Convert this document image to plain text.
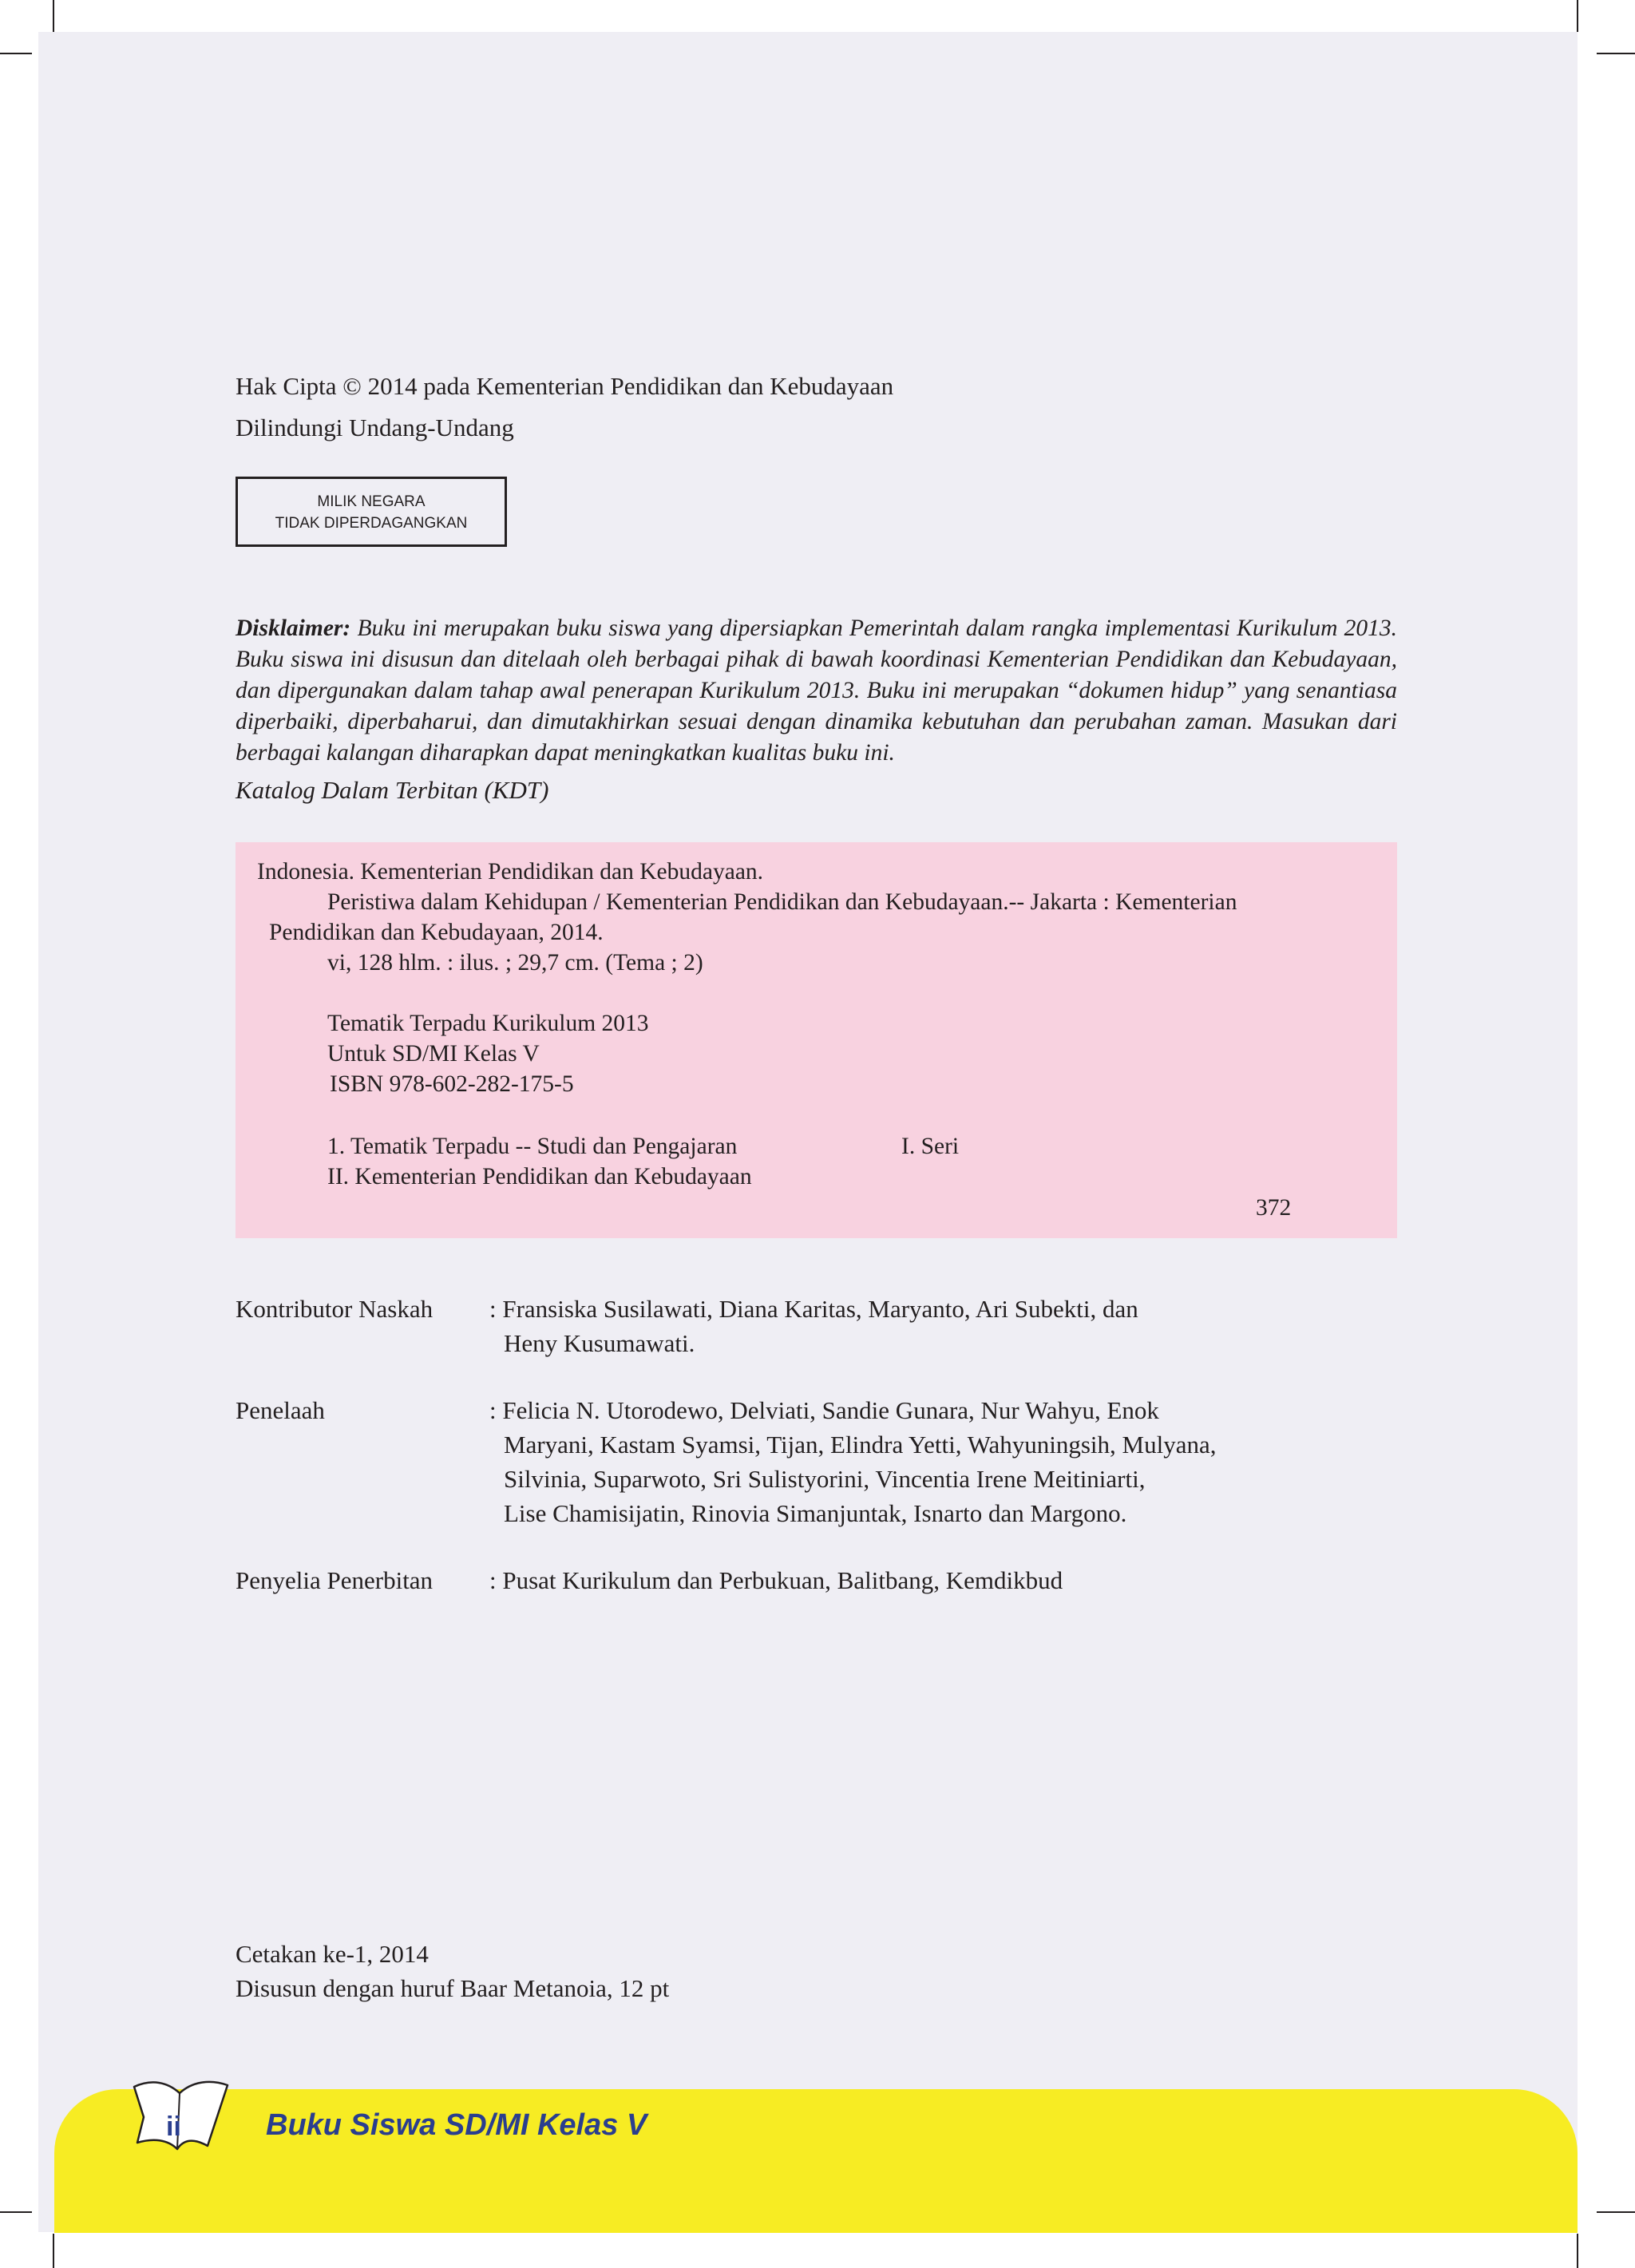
Hak Cipta © 2014 pada Kementerian Pendidikan dan Kebudayaan
Dilindungi Undang-Undang
MILIK NEGARA
TIDAK DIPERDAGANGKAN

Disklaimer: Buku ini merupakan buku siswa yang dipersiapkan Pemerintah dalam rangka implementasi Kurikulum 2013. Buku siswa ini disusun dan ditelaah oleh berbagai pihak di bawah koordinasi Kementerian Pendidikan dan Kebudayaan, dan dipergunakan dalam tahap awal penerapan Kurikulum 2013. Buku ini merupakan “dokumen hidup” yang senantiasa diperbaiki, diperbaharui, dan dimutakhirkan sesuai dengan dinamika kebutuhan dan perubahan zaman. Masukan dari berbagai kalangan diharapkan dapat meningkatkan kualitas buku ini.

Katalog Dalam Terbitan (KDT)
Indonesia. Kementerian Pendidikan dan Kebudayaan.
Peristiwa dalam Kehidupan / Kementerian Pendidikan dan Kebudayaan.-- Jakarta : Kementerian
Pendidikan dan Kebudayaan, 2014.
vi, 128 hlm. : ilus. ; 29,7 cm. (Tema ; 2)
Tematik Terpadu Kurikulum 2013
Untuk SD/MI Kelas V
ISBN 978-602-282-175-5
1. Tematik Terpadu -- Studi dan Pengajaran	I. Seri
II. Kementerian Pendidikan dan Kebudayaan
372
Kontributor Naskah : Fransiska Susilawati, Diana Karitas, Maryanto, Ari Subekti, dan
Heny Kusumawati.
Penelaah	: Felicia N. Utorodewo, Delviati, Sandie Gunara, Nur Wahyu, Enok
Maryani, Kastam Syamsi, Tijan, Elindra Yetti, Wahyuningsih, Mulyana,
Silvinia, Suparwoto, Sri Sulistyorini, Vincentia Irene Meitiniarti,
Lise Chamisijatin, Rinovia Simanjuntak, Isnarto dan Margono.
Penyelia Penerbitan : Pusat Kurikulum dan Perbukuan, Balitbang, Kemdikbud
Cetakan ke-1, 2014
Disusun dengan huruf Baar Metanoia, 12 pt
ii	Buku Siswa SD/MI Kelas V
